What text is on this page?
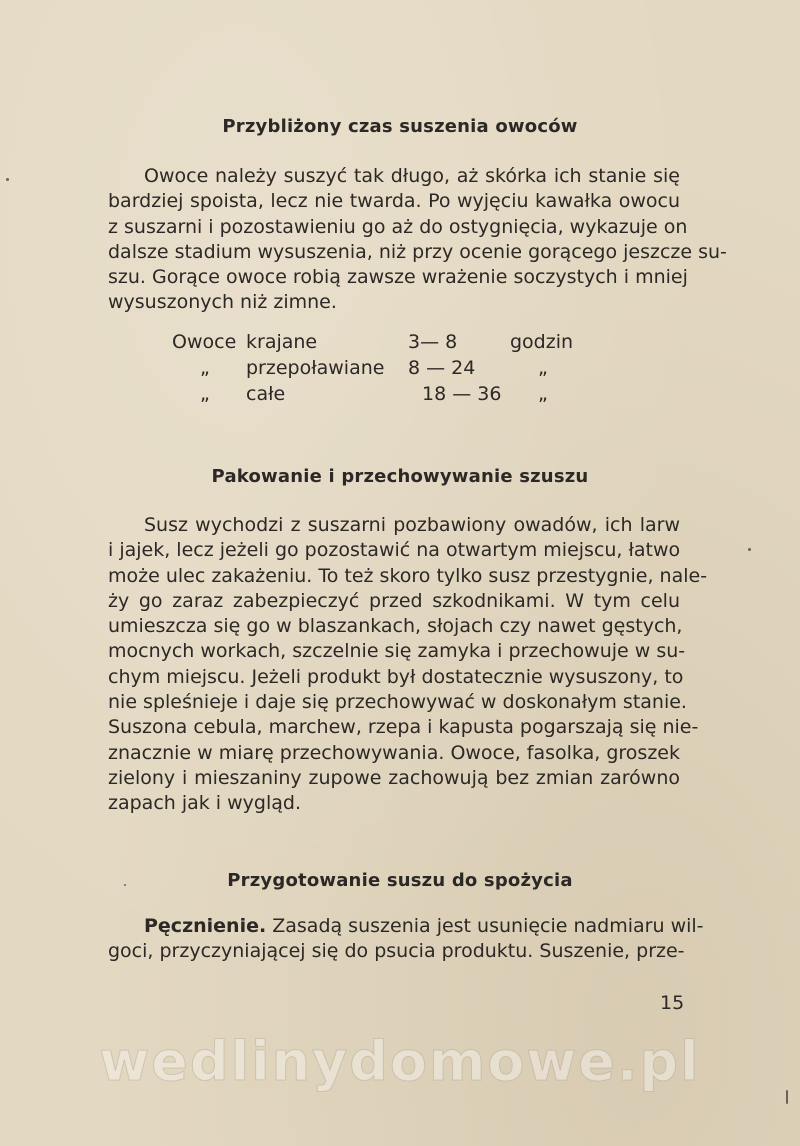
Przybliżony czas suszenia owoców
Owoce należy suszyć tak długo, aż skórka ich stanie się
bardziej spoista, lecz nie twarda. Po wyjęciu kawałka owocu
z suszarni i pozostawieniu go aż do ostygnięcia, wykazuje on
dalsze stadium wysuszenia, niż przy ocenie gorącego jeszcze su-
szu. Gorące owoce robią zawsze wrażenie soczystych i mniej
wysuszonych niż zimne.
Owoce krajane	3— 8	godzin
„ przepoławiane 8 — 24	„
„ całe	18 — 36 „
Pakowanie i przechowywanie szuszu
Susz wychodzi z suszarni pozbawiony owadów, ich larw
i jajek, lecz jeżeli go pozostawić na otwartym miejscu, łatwo
może ulec zakażeniu. To też skoro tylko susz przestygnie, nale-
ży go zaraz zabezpieczyć przed szkodnikami. W tym celu
umieszcza się go w blaszankach, słojach czy nawet gęstych,
mocnych workach, szczelnie się zamyka i przechowuje w su-
chym miejscu. Jeżeli produkt był dostatecznie wysuszony, to
nie spleśnieje i daje się przechowywać w doskonałym stanie.
Suszona cebula, marchew, rzepa i kapusta pogarszają się nie-
znacznie w miarę przechowywania. Owoce, fasolka, groszek
zielony i mieszaniny zupowe zachowują bez zmian zarówno
zapach jak i wygląd.
Przygotowanie suszu do spożycia
Pęcznienie. Zasadą suszenia jest usunięcie nadmiaru wil-
goci, przyczyniającej się do psucia produktu. Suszenie, prze-
15
wedlinydomowe.pl
